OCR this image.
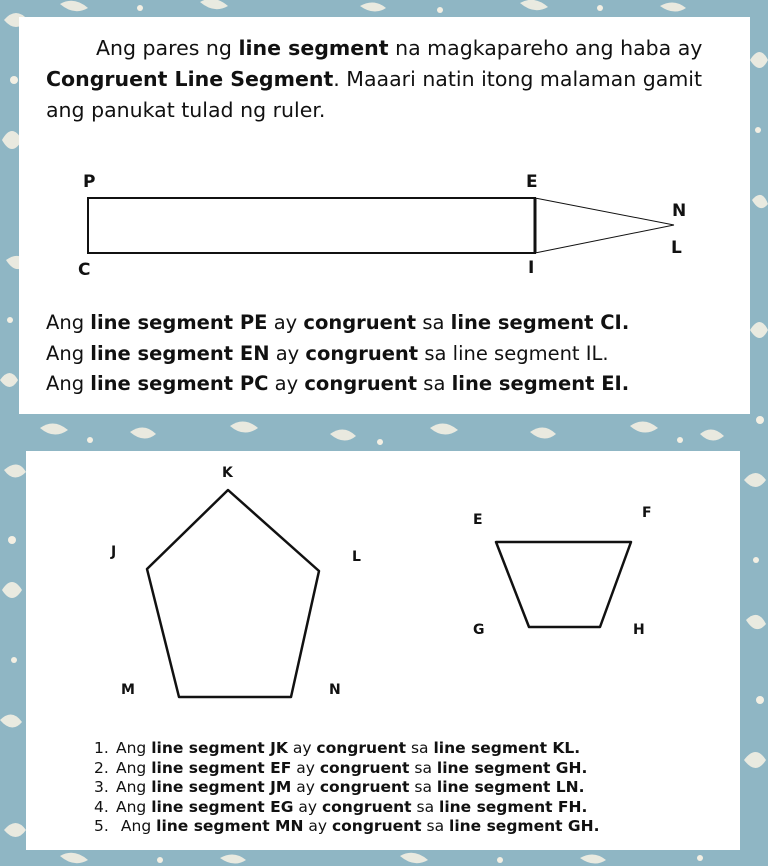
Ang pares ng line segment na magkapareho ang haba ay Congruent Line Segment. Maaari natin itong malaman gamit ang panukat tulad ng ruler.
P	E
N
L
C	I
Ang line segment PE ay congruent sa line segment CI.
Ang line segment EN ay congruent sa line segment IL.
Ang line segment PC ay congruent sa line segment EI.
K
J	L
M	N
E	F
G	H
1. Ang line segment JK ay congruent sa line segment KL.
2. Ang line segment EF ay congruent sa line segment GH.
3. Ang line segment JM ay congruent sa line segment LN.
4. Ang line segment EG ay congruent sa line segment FH.
5. Ang line segment MN ay congruent sa line segment GH.
